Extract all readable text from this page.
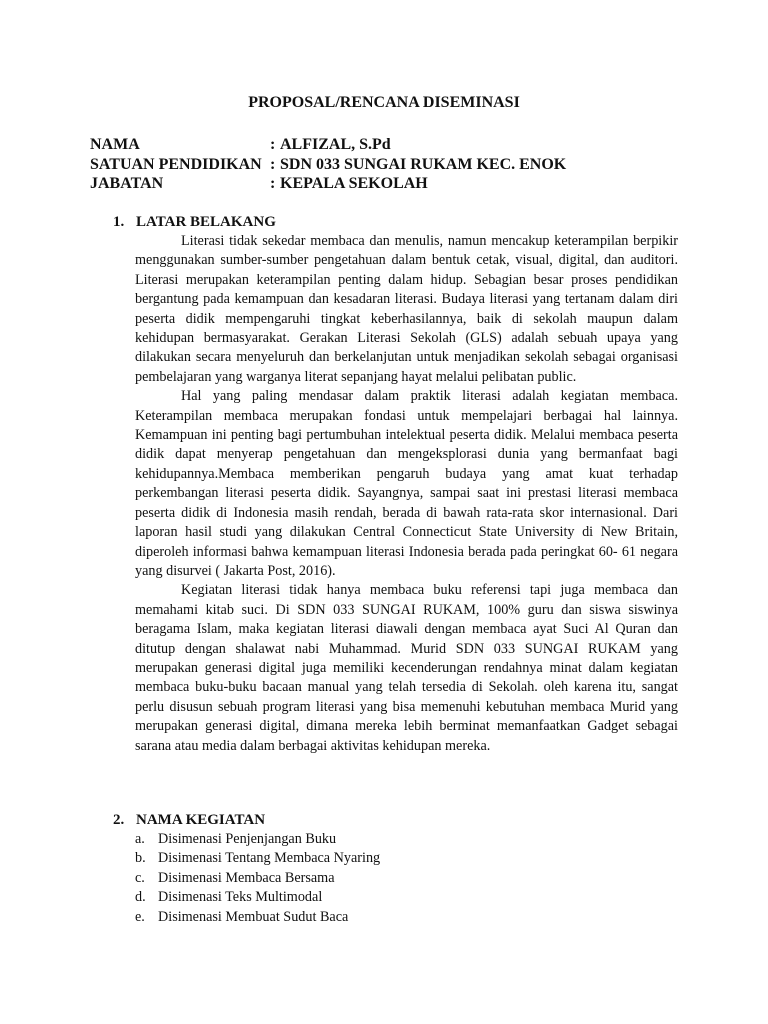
PROPOSAL/RENCANA DISEMINASI
NAMA	: ALFIZAL, S.Pd
SATUAN PENDIDIKAN : SDN 033 SUNGAI RUKAM KEC. ENOK
JABATAN	: KEPALA SEKOLAH
1. LATAR BELAKANG

Literasi tidak sekedar membaca dan menulis, namun mencakup keterampilan berpikir menggunakan sumber-sumber pengetahuan dalam bentuk cetak, visual, digital, dan auditori. Literasi merupakan keterampilan penting dalam hidup. Sebagian besar proses pendidikan bergantung pada kemampuan dan kesadaran literasi. Budaya literasi yang tertanam dalam diri peserta didik mempengaruhi tingkat keberhasilannya, baik di sekolah maupun dalam kehidupan bermasyarakat. Gerakan Literasi Sekolah (GLS) adalah sebuah upaya yang dilakukan secara menyeluruh dan berkelanjutan untuk menjadikan sekolah sebagai organisasi pembelajaran yang warganya literat sepanjang hayat melalui pelibatan public.

Hal yang paling mendasar dalam praktik literasi adalah kegiatan membaca. Keterampilan membaca merupakan fondasi untuk mempelajari berbagai hal lainnya. Kemampuan ini penting bagi pertumbuhan intelektual peserta didik. Melalui membaca peserta didik dapat menyerap pengetahuan dan mengeksplorasi dunia yang bermanfaat bagi kehidupannya.Membaca memberikan pengaruh budaya yang amat kuat terhadap perkembangan literasi peserta didik. Sayangnya, sampai saat ini prestasi literasi membaca peserta didik di Indonesia masih rendah, berada di bawah rata-rata skor internasional. Dari laporan hasil studi yang dilakukan Central Connecticut State University di New Britain, diperoleh informasi bahwa kemampuan literasi Indonesia berada pada peringkat 60- 61 negara yang disurvei ( Jakarta Post, 2016).

Kegiatan literasi tidak hanya membaca buku referensi tapi juga membaca dan memahami kitab suci. Di SDN 033 SUNGAI RUKAM, 100% guru dan siswa siswinya beragama Islam, maka kegiatan literasi diawali dengan membaca ayat Suci Al Quran dan ditutup dengan shalawat nabi Muhammad. Murid SDN 033 SUNGAI RUKAM yang merupakan generasi digital juga memiliki kecenderungan rendahnya minat dalam kegiatan membaca buku-buku bacaan manual yang telah tersedia di Sekolah. oleh karena itu, sangat perlu disusun sebuah program literasi yang bisa memenuhi kebutuhan membaca Murid yang merupakan generasi digital, dimana mereka lebih berminat memanfaatkan Gadget sebagai sarana atau media dalam berbagai aktivitas kehidupan mereka.

2. NAMA KEGIATAN
a. Disimenasi Penjenjangan Buku
b. Disimenasi Tentang Membaca Nyaring
c. Disimenasi Membaca Bersama
d. Disimenasi Teks Multimodal
e. Disimenasi Membuat Sudut Baca
